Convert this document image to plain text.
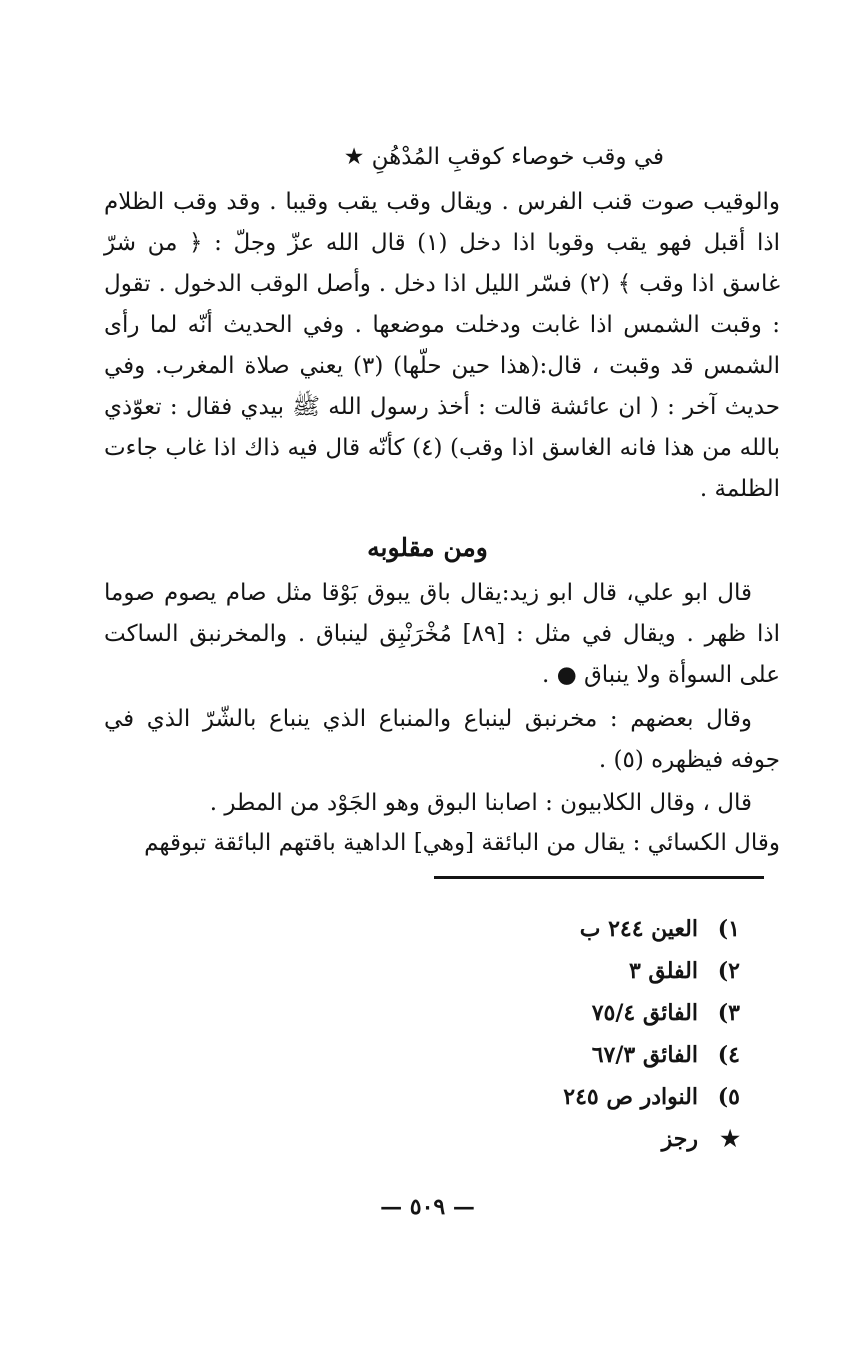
في وقب خوصاء كوقبِ المُدْهُنِ ★

والوقيب صوت قنب الفرس . ويقال وقب يقب وقيبا . وقد وقب الظلام اذا أقبل فهو يقب وقوبا اذا دخل (١) قال الله عزّ وجلّ : ﴿ من شرّ غاسق اذا وقب ﴾ (٢) فسّر الليل اذا دخل . وأصل الوقب الدخول . تقول : وقبت الشمس اذا غابت ودخلت موضعها . وفي الحديث أنّه لما رأى الشمس قد وقبت ، قال:(هذا حين حلّها) (٣) يعني صلاة المغرب. وفي حديث آخر : ( ان عائشة قالت : أخذ رسول الله ﷺ بيدي فقال : تعوّذي بالله من هذا فانه الغاسق اذا وقب) (٤) كأنّه قال فيه ذاك اذا غاب جاءت الظلمة .

ومن مقلوبه

قال ابو علي، قال ابو زيد:يقال باق يبوق بَوْقا مثل صام يصوم صوما اذا ظهر . ويقال في مثل : [٨٩] مُخْرَنْبِق لينباق . والمخرنبق الساكت على السوأة ولا ينباق ● .

وقال بعضهم : مخرنبق لينباع والمنباع الذي ينباع بالشّرّ الذي في جوفه فيظهره (٥) .

قال ، وقال الكلابيون : اصابنا البوق وهو الجَوْد من المطر .

وقال الكسائي : يقال من البائقة [وهي] الداهية باقتهم البائقة تبوقهم

١)
العين ٢٤٤ ب
٢)
الفلق ٣
٣)
الفائق ٧٥/٤
٤)
الفائق ٦٧/٣
٥)
النوادر ص ٢٤٥
★
رجز
— ٥٠٩ —
